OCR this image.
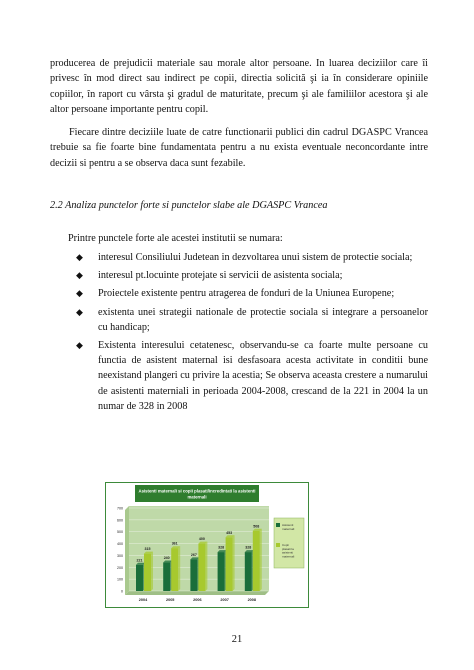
producerea de prejudicii materiale sau morale altor persoane. In luarea deciziilor care îi privesc în mod direct sau indirect pe copii, directia solicită şi ia în considerare opiniile copiilor, în raport cu vârsta şi gradul de maturitate, precum şi ale familiilor acestora şi ale altor persoane importante pentru copil.

Fiecare dintre deciziile luate de catre functionarii publici din cadrul DGASPC Vrancea trebuie sa fie foarte bine fundamentata pentru a nu exista eventuale neconcordante intre decizii si pentru a se observa daca sunt fezabile.

2.2 Analiza punctelor forte si punctelor slabe ale DGASPC Vrancea
Printre punctele forte ale acestei institutii se numara:
◆ interesul Consiliului Judetean in dezvoltarea unui sistem de protectie sociala;
◆ interesul pt.locuinte protejate si servicii de asistenta sociala;
◆ Proiectele existente pentru atragerea de fonduri de la Uniunea Europene;
◆ existenta unei strategii nationale de protectie sociala si integrare a persoanelor cu handicap;
◆ Existenta interesului cetatenesc, observandu-se ca foarte multe persoane cu functia de asistent maternal isi desfasoara acesta activitate in conditii bune neexistand plangeri cu privire la acestia; Se observa aceasta crestere a numarului de asistenti materniali in perioada 2004-2008, crescand de la 221 in 2004 la un numar de 328 in 2008
Asistenti maternali si copii plasati/incredintati la asistenti
maternali
0
100
200
300
400
500
600
700
221
315
2004
240
361
2005
267
400
2006
328
453
2007
328
508
2008
Asistenti
maternali
Copii
plasati la
asistenti
maternali
21
